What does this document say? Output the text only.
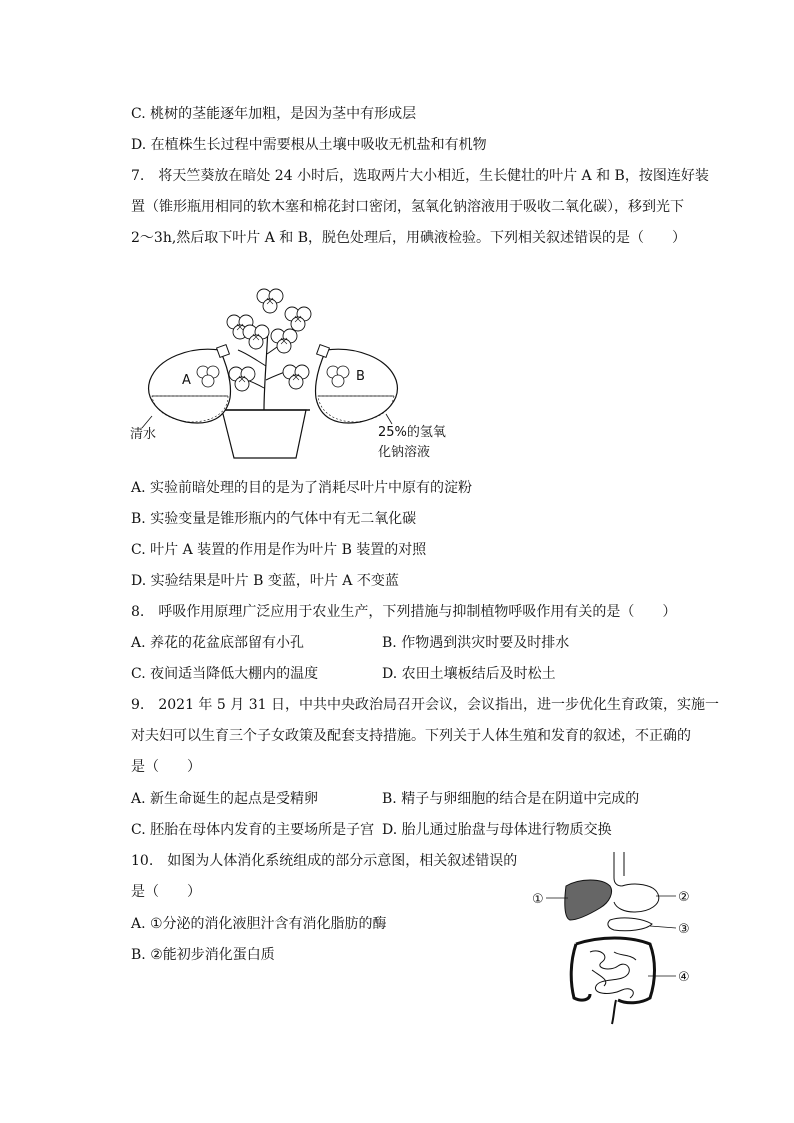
C. 桃树的茎能逐年加粗，是因为茎中有形成层
D. 在植株生长过程中需要根从土壤中吸收无机盐和有机物
7.　将天竺葵放在暗处 24 小时后，选取两片大小相近，生长健壮的叶片 A 和 B，按图连好装
置（锥形瓶用相同的软木塞和棉花封口密闭，氢氧化钠溶液用于吸收二氧化碳），移到光下
2～3h,然后取下叶片 A 和 B，脱色处理后，用碘液检验。下列相关叙述错误的是（　　）
A
清水
B
25%的氢氧
化钠溶液
A. 实验前暗处理的目的是为了消耗尽叶片中原有的淀粉
B. 实验变量是锥形瓶内的气体中有无二氧化碳
C. 叶片 A 装置的作用是作为叶片 B 装置的对照
D. 实验结果是叶片 B 变蓝，叶片 A 不变蓝
8.　呼吸作用原理广泛应用于农业生产，下列措施与抑制植物呼吸作用有关的是（　　）
A. 养花的花盆底部留有小孔	B. 作物遇到洪灾时要及时排水
C. 夜间适当降低大棚内的温度	D. 农田土壤板结后及时松土
9.　2021 年 5 月 31 日，中共中央政治局召开会议，会议指出，进一步优化生育政策，实施一
对夫妇可以生育三个子女政策及配套支持措施。下列关于人体生殖和发育的叙述，不正确的
是（　　）
A. 新生命诞生的起点是受精卵	B. 精子与卵细胞的结合是在阴道中完成的
C. 胚胎在母体内发育的主要场所是子宫 D. 胎儿通过胎盘与母体进行物质交换
10.　如图为人体消化系统组成的部分示意图，相关叙述错误的
是（　　）
A. ①分泌的消化液胆汁含有消化脂肪的酶
B. ②能初步消化蛋白质
①	②
③
④
